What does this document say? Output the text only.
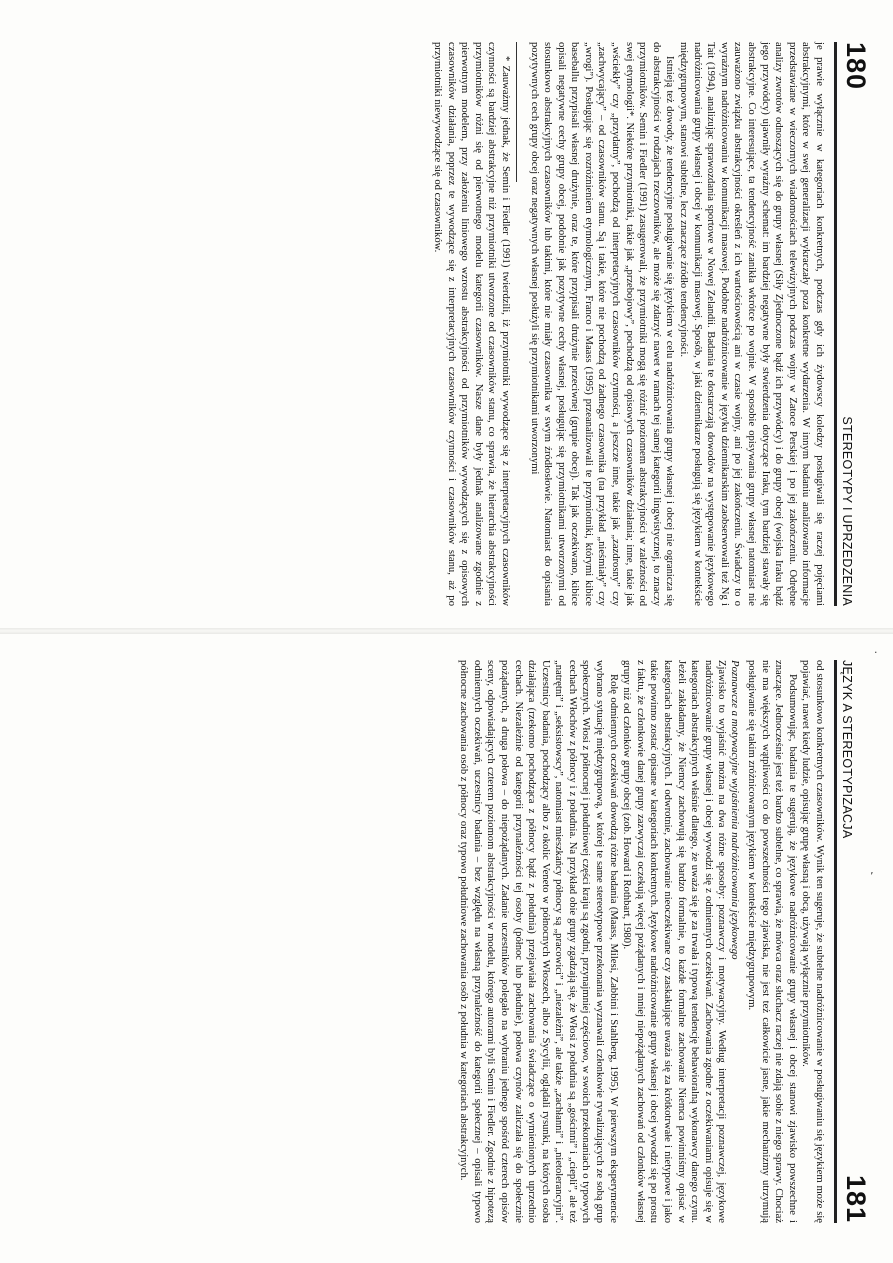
180
STEREOTYPY I UPRZEDZENIA

je prawie wyłącznie w kategoriach konkretnych, podczas gdy ich żydowscy koledzy posługiwali się raczej pojęciami abstrakcyjnymi, które w swej generalizacji wykraczały poza konkretne wydarzenia. W innym badaniu analizowano informacje przedstawiane w wieczornych wiadomościach telewizyjnych podczas wojny w Zatoce Perskiej i po jej zakończeniu. Odrębne analizy zwrotów odnoszących się do grupy własnej (Siły Zjednoczone bądź ich przywódcy) i do grupy obcej (wojska Iraku bądź jego przywódcy) ujawniły wyraźny schemat: im bardziej negatywne były stwierdzenia dotyczące Iraku, tym bardziej stawały się abstrakcyjne. Co interesujące, ta tendencyjność zanikła wkrótce po wojnie. W sposobie opisywania grupy własnej natomiast nie zauważono związku abstrakcyjności określeń z ich wartościowością ani w czasie wojny, ani po jej zakończeniu. Świadczy to o wyraźnym nadróżnicowaniu w komunikacji masowej. Podobne nadróżnicowanie w języku dziennikarskim zaobserwowali też Ng i Tait (1994), analizując sprawozdania sportowe w Nowej Zelandii. Badania te dostarczają dowodów na występowanie językowego nadróżnicowania grupy własnej i obcej w komunikacji masowej. Sposób, w jaki dziennikarze posługują się językiem w kontekście międzygrupowym, stanowi subtelne, lecz znaczące źródło tendencyjności.

Istnieją też dowody, że tendencyjne posługiwanie się językiem w celu nadróżnicowania grupy własnej i obcej nie ogranicza się do abstrakcyjności w rodzajach rzeczowników, ale może się zdarzyć nawet w ramach tej samej kategorii lingwistycznej, to znaczy przymiotników. Semin i Fiedler (1991) zasugerowali, że przymiotniki mogą się różnić poziomem abstrakcyjności w zależności od swej etymologii*. Niektóre przymiotniki, takie jak „przebojowy”, pochodzą od opisowych czasowników działania; inne, takie jak „wściekły” czy „przydatny”, pochodzą od interpretacyjnych czasowników czynności, a jeszcze inne, takie jak „zazdrosny” czy „zachwycający” – od czasowników stanu. Są i takie, które nie pochodzą od żadnego czasownika (na przykład „nieśmiały” czy „wrogi”). Posługując się rozróżnieniem etymologicznym, Franco i Maass (1995) przeanalizowali te przymiotniki, którymi kibice baseballu przypisali własnej drużynie, oraz te, które przypisali drużynie przeciwnej (grupie obcej). Tak jak oczekiwano, kibice opisali negatywne cechy grupy obcej, podobnie jak pozytywne cechy własnej, posługując się przymiotnikami utworzonymi od stosunkowo abstrakcyjnych czasowników lub takimi, które nie miały czasownika w swym źródłosłowie. Natomiast do opisania pozytywnych cech grupy obcej oraz negatywnych własnej posłużyli się przymiotnikami utworzonymi

* Zauważmy jednak, że Semin i Fiedler (1991) twierdzili, iż przymiotniki wywodzące się z interpretacyjnych czasowników czynności są bardziej abstrakcyjne niż przymiotniki utworzone od czasowników stanu, co sprawia, że hierarchia abstrakcyjności przymiotników różni się od pierwotnego modelu kategorii czasowników. Nasze dane były jednak analizowane zgodnie z pierwotnym modelem, przy założeniu liniowego wzrostu abstrakcyjności od przymiotników wywodzących się z opisowych czasowników działania, poprzez te wywodzące się z interpretacyjnych czasowników czynności i czasowników stanu, aż po przymiotniki niewywodzące się od czasowników.

JĘZYK A STEREOTYPIZACJA
181

od stosunkowo konkretnych czasowników. Wynik ten sugeruje, że subtelne nadróżnicowanie w posługiwaniu się językiem może się pojawiać, nawet kiedy ludzie, opisując grupę własną i obcą, używają wyłącznie przymiotników.

Podsumowując, badania te sugerują, że językowe nadróżnicowanie grupy własnej i obcej stanowi zjawisko powszechne i znaczące. Jednocześnie jest też bardzo subtelne, co sprawia, że mówca oraz słuchacz raczej nie zdają sobie z niego sprawy. Chociaż nie ma większych wątpliwości co do powszechności tego zjawiska, nie jest też całkowicie jasne, jakie mechanizmy utrzymują posługiwanie się takim zróżnicowanym językiem w kontekście międzygrupowym.

Poznawcze a motywacyjne wyjaśnienia nadróżnicowania językowego

Zjawisko to wyjaśnić można na dwa różne sposoby: poznawczy i motywacyjny. Według interpretacji poznawczej, językowe nadróżnicowanie grupy własnej i obcej wywodzi się z odmiennych oczekiwań. Zachowania zgodne z oczekiwaniami opisuje się w kategoriach abstrakcyjnych właśnie dlatego, że uważa się je za trwała i typową tendencję behawioralną wykonawcy danego czynu. Jeżeli zakładamy, że Niemcy zachowują się bardzo formalnie, to każde formalne zachowanie Niemca powinniśmy opisać w kategoriach abstrakcyjnych. I odwrotnie, zachowanie nieoczekiwane czy zaskakujące uważa się za krótkotrwałe i nietypowe i jako takie powinno zostać opisane w kategoriach konkretnych. Językowe nadróżnicowanie grupy własnej i obcej wywodzi się po prostu z faktu, że członkowie danej grupy zazwyczaj oczekują więcej pożądanych i mniej niepożądanych zachowań od członków własnej grupy niż od członków grupy obcej (zob. Howard i Rothbart, 1980).

Rolę odmiennych oczekiwań dowodzą różne badania (Maass, Milesi, Zabbini i Stahlberg, 1995). W pierwszym eksperymencie wybrano sytuację międzygrupową, w której te same stereotypowe przekonania wyznawali członkowie rywalizujących ze sobą grup społecznych. Włosi z północnej i południowej części kraju są zgodni, przynajmniej częściowo, w swoich przekonaniach o typowych cechach Włochów z północy i z południa. Na przykład obie grupy zgadzają się, że Włosi z południa są „gościnni” i „ciepli”, ale też „natrętni” i „seksistowscy”, natomiast mieszkańcy północy są „pracowici” i „niezależni”, ale także „zachłanni” i „nietolerancyjni”. Uczestnicy badania, pochodzący albo z okolic Veneto w północnych Włoszech, albo z Sycylii, oglądali rysunki, na których osoba działająca (rzekomo pochodząca z północy bądź z południa) przejawiała zachowania świadczące o wymienionych uprzednio cechach. Niezależnie od kategorii przynależności tej osoby (północ lub południe), połowa czynów zaliczała się do społecznie pożądanych, a druga połowa – do niepożądanych. Zadanie uczestników polegało na wybraniu jednego spośród czterech opisów sceny, odpowiadających czterem poziomom abstrakcyjności w modelu, którego autorami byli Semin i Fiedler. Zgodnie z hipotezą odmiennych oczekiwań, uczestnicy badania – bez względu na własną przynależność do kategorii społecznej – opisali typowo północne zachowania osób z północy oraz typowo południowe zachowania osób z południa w kategoriach abstrakcyjnych.

·
ʼ
